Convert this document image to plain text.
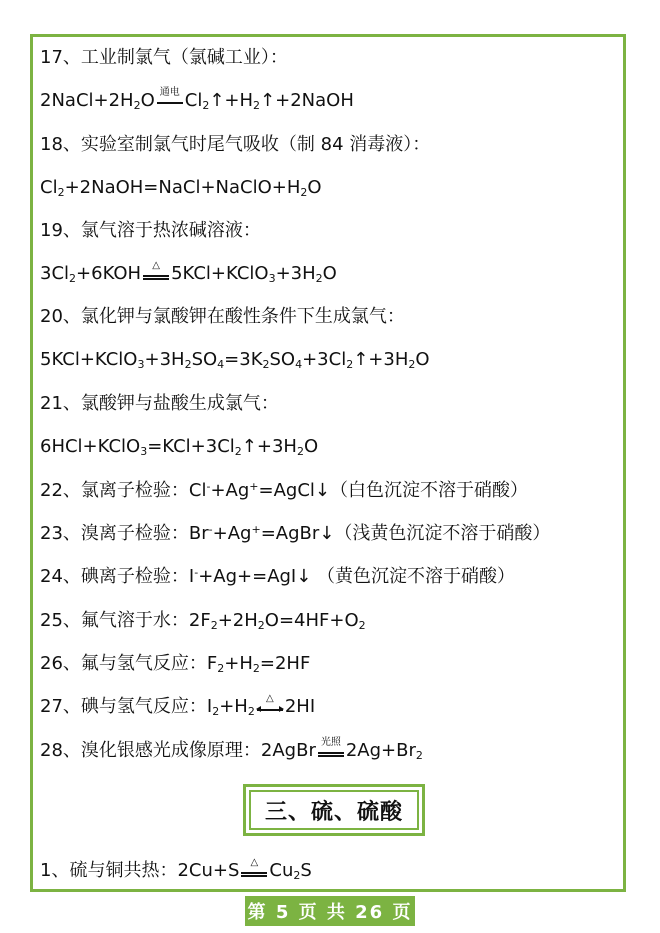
17、工业制氯气（氯碱工业）：
$2NaCl+2H_2O$ 通电 $Cl_2↑+H_2↑+2NaOH$
18、实验室制氯气时尾气吸收（制 84 消毒液）：
$Cl_2+2NaOH=NaCl+NaClO+H_2O$
19、氯气溶于热浓碱溶液：
$3Cl_2+6KOH$	△ $5KCl+KClO_3+3H_2O$
20、氯化钾与氯酸钾在酸性条件下生成氯气：
$5KCl+KClO_3+3H_2SO_4=3K_2SO_4+3Cl_2↑+3H_2O$
21、氯酸钾与盐酸生成氯气：
$6HCl+KClO_3=KCl+3Cl_2↑+3H_2O$
22、氯离子检验：Cl-+Ag+=AgCl↓（白色沉淀不溶于硝酸）
23、溴离子检验：Br-+Ag+=AgBr↓（浅黄色沉淀不溶于硝酸）
24、碘离子检验：I-+Ag+=AgI↓ （黄色沉淀不溶于硝酸）
25、氟气溶于水：$2F_2+2H_2O=4HF+O_2$
26、氟与氢气反应：$F_2+H_2=2HF$
27、碘与氢气反应：$I_2+H_2$
△ 2HI
28、溴化银感光成像原理：2AgBr 光照 $2Ag+Br_2$
三、硫、硫酸
1、硫与铜共热：2Cu+S	△ $Cu_2S$
第 5 页 共 26 页
